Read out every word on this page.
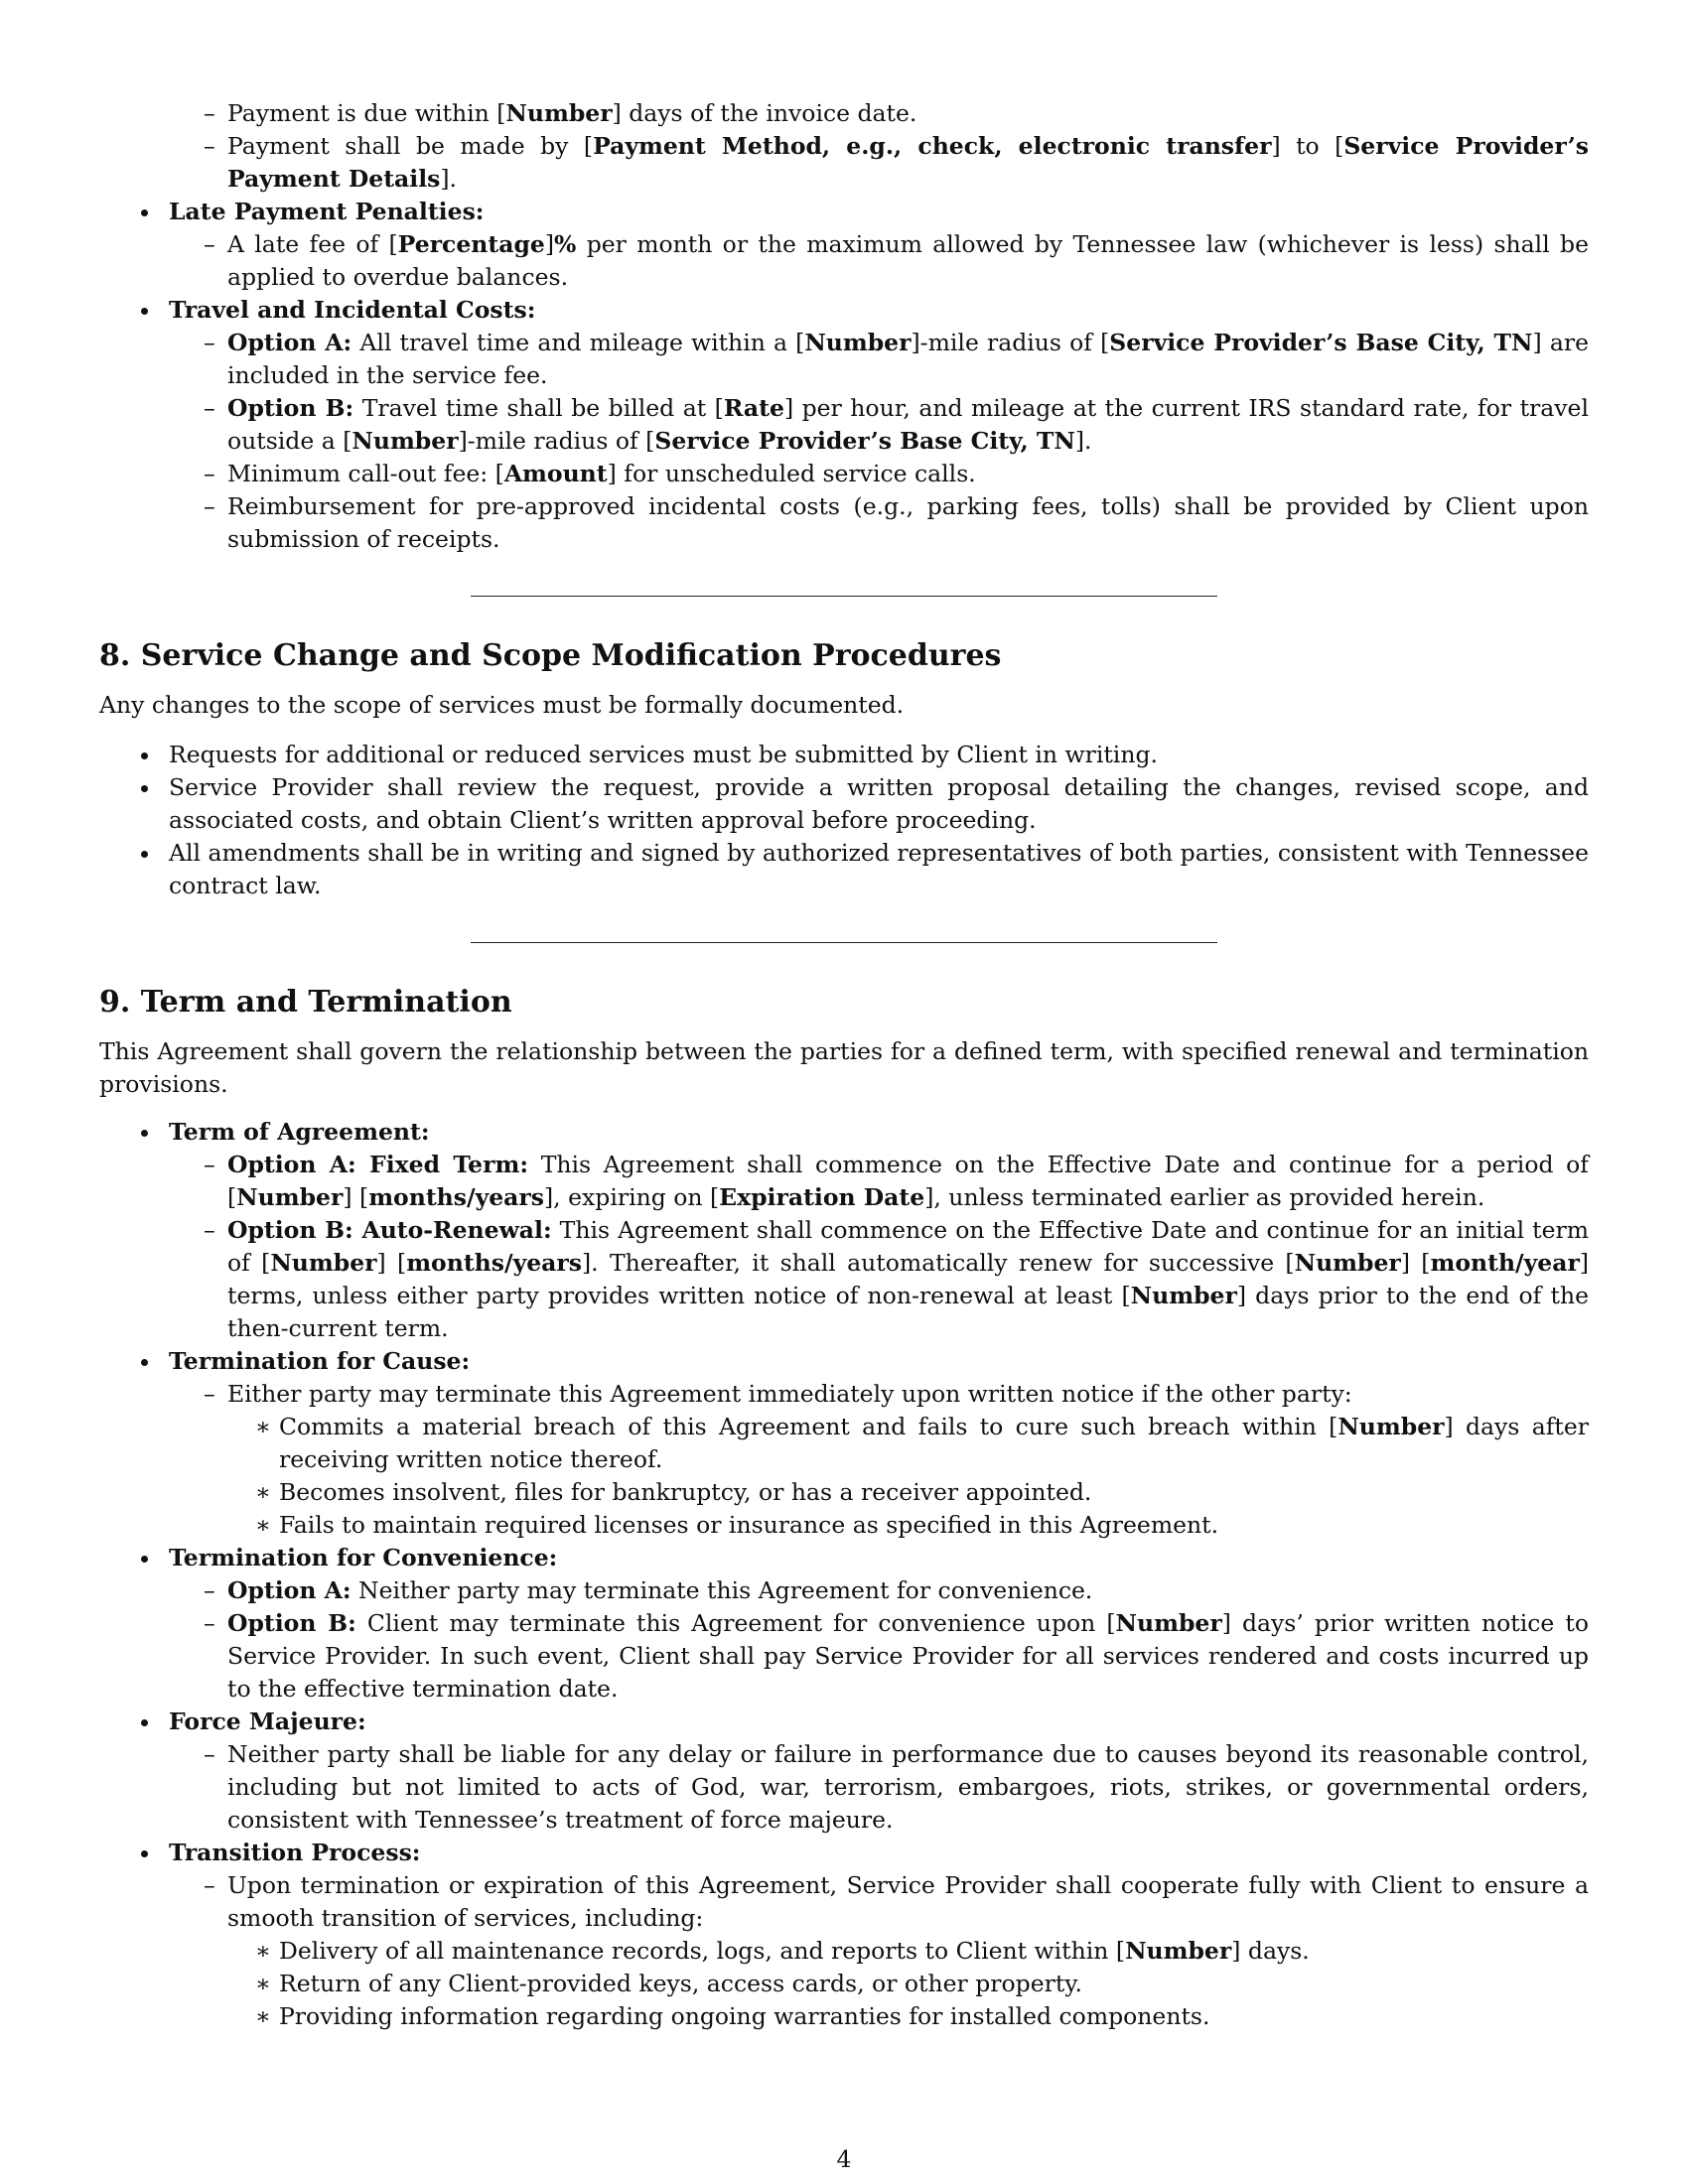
– Payment is due within [Number] days of the invoice date.
– Payment shall be made by [Payment Method, e.g., check, electronic transfer] to [Service Provider’s Payment Details].
Late Payment Penalties:
– A late fee of [Percentage]% per month or the maximum allowed by Tennessee law (whichever is less) shall be applied to overdue balances.
Travel and Incidental Costs:
– Option A: All travel time and mileage within a [Number]-mile radius of [Service Provider’s Base City, TN] are included in the service fee.
– Option B: Travel time shall be billed at [Rate] per hour, and mileage at the current IRS standard rate, for travel outside a [Number]-mile radius of [Service Provider’s Base City, TN].
– Minimum call-out fee: [Amount] for unscheduled service calls.
– Reimbursement for pre-approved incidental costs (e.g., parking fees, tolls) shall be provided by Client upon submission of receipts.
8. Service Change and Scope Modification Procedures

Any changes to the scope of services must be formally documented.

Requests for additional or reduced services must be submitted by Client in writing.
Service Provider shall review the request, provide a written proposal detailing the changes, revised scope, and associated costs, and obtain Client’s written approval before proceeding.
All amendments shall be in writing and signed by authorized representatives of both parties, consistent with Tennessee contract law.
9. Term and Termination

This Agreement shall govern the relationship between the parties for a defined term, with specified renewal and termination provisions.

Term of Agreement:
– Option A: Fixed Term: This Agreement shall commence on the Effective Date and continue for a period of [Number] [months/years], expiring on [Expiration Date], unless terminated earlier as provided herein.
– Option B: Auto-Renewal: This Agreement shall commence on the Effective Date and continue for an initial term of [Number] [months/years]. Thereafter, it shall automatically renew for successive [Number] [month/year] terms, unless either party provides written notice of non-renewal at least [Number] days prior to the end of the then-current term.
Termination for Cause:
– Either party may terminate this Agreement immediately upon written notice if the other party:
∗ Commits a material breach of this Agreement and fails to cure such breach within [Number] days after receiving written notice thereof.
∗ Becomes insolvent, files for bankruptcy, or has a receiver appointed.
∗ Fails to maintain required licenses or insurance as specified in this Agreement.
Termination for Convenience:
– Option A: Neither party may terminate this Agreement for convenience.
– Option B: Client may terminate this Agreement for convenience upon [Number] days’ prior written notice to Service Provider. In such event, Client shall pay Service Provider for all services rendered and costs incurred up to the effective termination date.
Force Majeure:
– Neither party shall be liable for any delay or failure in performance due to causes beyond its reasonable control, including but not limited to acts of God, war, terrorism, embargoes, riots, strikes, or governmental orders, consistent with Tennessee’s treatment of force majeure.
Transition Process:
– Upon termination or expiration of this Agreement, Service Provider shall cooperate fully with Client to ensure a smooth transition of services, including:
∗ Delivery of all maintenance records, logs, and reports to Client within [Number] days.
∗ Return of any Client-provided keys, access cards, or other property.
∗ Providing information regarding ongoing warranties for installed components.
4
